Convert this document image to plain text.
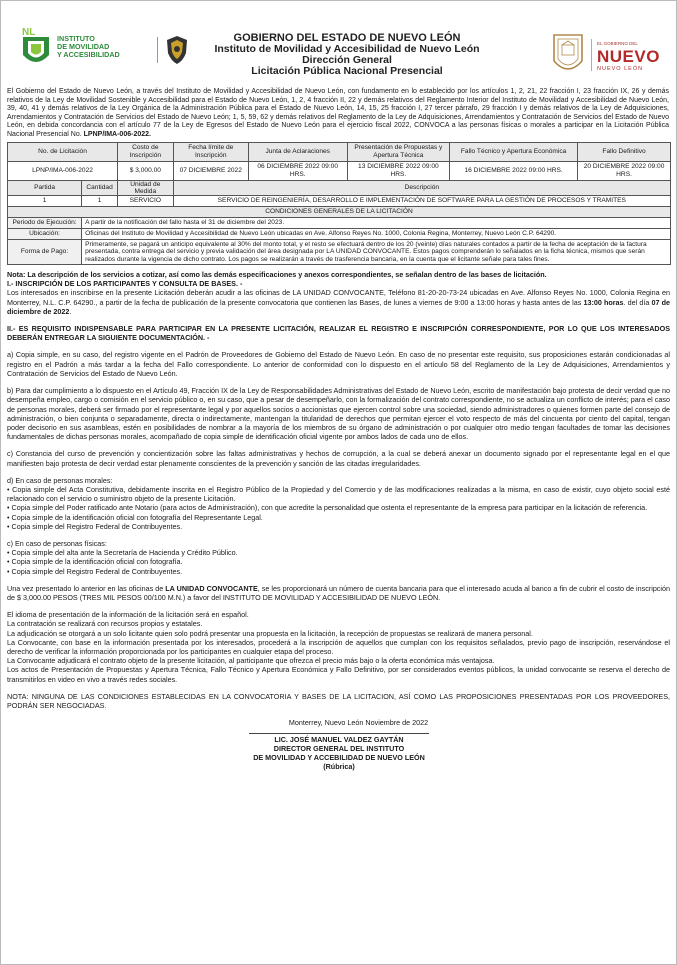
NL
INSTITUTO
DE MOVILIDAD
Y ACCESIBILIDAD
GOBIERNO DEL ESTADO DE NUEVO LEÓN
Instituto de Movilidad y Accesibilidad de Nuevo León
Dirección General
Licitación Pública Nacional Presencial
EL GOBIERNO DEL
NUEVO
NUEVO LEÓN
El Gobierno del Estado de Nuevo León, a través del Instituto de Movilidad y Accesibilidad de Nuevo León, con fundamento en lo establecido por los artículos 1, 2, 21, 22 fracción I, 23 fracción IX, 26 y demás relativos de la Ley de Movilidad Sostenible y Accesibilidad para el Estado de Nuevo León, 1, 2, 4 fracción II, 22 y demás relativos del Reglamento Interior del Instituto de Movilidad y Accesibilidad de Nuevo León, 39, 40, 41 y demás relativos de la Ley Orgánica de la Administración Pública para el Estado de Nuevo León, 14, 15, 25 fracción I, 27 tercer párrafo, 29 fracción I y demás relativos de la Ley de Adquisiciones, Arrendamientos y Contratación de Servicios del Estado de Nuevo León; 1, 5, 59, 62 y demás relativos del Reglamento de la Ley de Adquisiciones, Arrendamientos y Contratación de Servicios del Estado de Nuevo León, en debida concordancia con el artículo 77 de la Ley de Egresos del Estado de Nuevo León para el ejercicio fiscal 2022, CONVOCA a las personas físicas o morales a participar en la Licitación Pública Nacional Presencial No. LPNP/IMA-006-2022.
No. de Licitación		Costo de Inscripción	Fecha límite de Inscripción	Junta de Aclaraciones	Presentación de Propuestas y Apertura Técnica	Fallo Técnico y Apertura Económica	Fallo Definitivo
LPNP/IMA-006-2022		$ 3,000.00	07 DICIEMBRE 2022	06 DICIEMBRE 2022 09:00 HRS.	13 DICIEMBRE 2022 09:00 HRS.	16 DICIEMBRE 2022 09:00 HRS.	20 DICIEMBRE 2022 09:00 HRS.
Partida	Cantidad	Unidad de Medida	Descripción				
1	1	SERVICIO	SERVICIO DE REINGENIERÍA, DESARROLLO E IMPLEMENTACIÓN DE SOFTWARE PARA LA GESTIÓN DE PROCESOS Y TRAMITES				
CONDICIONES GENERALES DE LA LICITACIÓN							
Periodo de Ejecución:	A partir de la notificación del fallo hasta el 31 de diciembre del 2023.						
Ubicación:	Oficinas del Instituto de Movilidad y Accesibilidad de Nuevo León ubicadas en Ave. Alfonso Reyes No. 1000, Colonia Regina, Monterrey, Nuevo León C.P. 64290.						
Forma de Pago:	Primeramente, se pagará un anticipo equivalente al 30% del monto total, y el resto se efectuará dentro de los 20 (veinte) días naturales contados a partir de la fecha de aceptación de la factura presentada, contra entrega del servicio y previa validación del área designada por LA UNIDAD CONVOCANTE. Estos pagos comprenderán lo señalados en la ficha técnica, mismos que serán realizados durante la vigencia de dicho contrato. Los pagos se realizarán a través de trasferencia bancaria, en la cuenta que el licitante señale para tales fines.						
Nota: La descripción de los servicios a cotizar, así como las demás especificaciones y anexos correspondientes, se señalan dentro de las bases de licitación.
I.- INSCRIPCIÓN DE LOS PARTICIPANTES Y CONSULTA DE BASES. -
Los interesados en inscribirse en la presente Licitación deberán acudir a las oficinas de LA UNIDAD CONVOCANTE, Teléfono 81-20-20-73-24 ubicadas en Ave. Alfonso Reyes No. 1000, Colonia Regina en Monterrey, N.L. C.P. 64290., a partir de la fecha de publicación de la presente convocatoria que contienen las Bases, de lunes a viernes de 9:00 a 13:00 horas y hasta antes de las 13:00 horas. del día 07 de diciembre de 2022.
II.- ES REQUISITO INDISPENSABLE PARA PARTICIPAR EN LA PRESENTE LICITACIÓN, REALIZAR EL REGISTRO E INSCRIPCIÓN CORRESPONDIENTE, POR LO QUE LOS INTERESADOS DEBERÁN ENTREGAR LA SIGUIENTE DOCUMENTACIÓN. -
a) Copia simple, en su caso, del registro vigente en el Padrón de Proveedores de Gobierno del Estado de Nuevo León. En caso de no presentar este requisito, sus proposiciones estarán condicionadas al registro en el Padrón a más tardar a la fecha del Fallo correspondiente. Lo anterior de conformidad con lo dispuesto en el artículo 58 del Reglamento de la Ley de Adquisiciones, Arrendamientos y Contratación de Servicios del Estado de Nuevo León.
b) Para dar cumplimiento a lo dispuesto en el Artículo 49, Fracción IX de la Ley de Responsabilidades Administrativas del Estado de Nuevo León, escrito de manifestación bajo protesta de decir verdad que no desempeña empleo, cargo o comisión en el servicio público o, en su caso, que a pesar de desempeñarlo, con la formalización del contrato correspondiente, no se actualiza un conflicto de interés; para el caso de personas morales, deberá ser firmado por el representante legal y por aquellos socios o accionistas que ejercen control sobre una sociedad, siendo administradores o quienes formen parte del consejo de administración, o bien conjunta o separadamente, directa o indirectamente, mantengan la titularidad de derechos que permitan ejercer el voto respecto de más del cincuenta por ciento del capital, tengan poder decisorio en sus asambleas, estén en posibilidades de nombrar a la mayoría de los miembros de su órgano de administración o por cualquier otro medio tengan facultades de tomar las decisiones fundamentales de dichas personas morales, acompañado de copia simple de identificación oficial vigente por ambos lados de cada uno de ellos.
c) Constancia del curso de prevención y concientización sobre las faltas administrativas y hechos de corrupción, a la cual se deberá anexar un documento signado por el representante legal en el que manifiesten bajo protesta de decir verdad estar plenamente conscientes de la prevención y sanción de las citadas irregularidades.
d) En caso de personas morales:
• Copia simple del Acta Constitutiva, debidamente inscrita en el Registro Público de la Propiedad y del Comercio y de las modificaciones realizadas a la misma, en caso de existir, cuyo objeto social esté relacionado con el servicio o suministro objeto de la presente Licitación.
• Copia simple del Poder ratificado ante Notario (para actos de Administración), con que acredite la personalidad que ostenta el representante de la empresa para participar en la licitación de referencia.
• Copia simple de la identificación oficial con fotografía del Representante Legal.
• Copia simple del Registro Federal de Contribuyentes.
c) En caso de personas físicas:
• Copia simple del alta ante la Secretaría de Hacienda y Crédito Público.
• Copia simple de la identificación oficial con fotografía.
• Copia simple del Registro Federal de Contribuyentes.
Una vez presentado lo anterior en las oficinas de LA UNIDAD CONVOCANTE, se les proporcionará un número de cuenta bancaria para que el interesado acuda al banco a fin de cubrir el costo de inscripción de $ 3,000.00 PESOS (TRES MIL PESOS 00/100 M.N.) a favor del INSTITUTO DE MOVILIDAD Y ACCESIBILIDAD DE NUEVO LEÓN.
El idioma de presentación de la información de la licitación será en español.
La contratación se realizará con recursos propios y estatales.
La adjudicación se otorgará a un solo licitante quien solo podrá presentar una propuesta en la licitación, la recepción de propuestas se realizará de manera personal.
La Convocante, con base en la información presentada por los interesados, procederá a la inscripción de aquellos que cumplan con los requisitos señalados, previo pago de inscripción, reservándose el derecho de verificar la información proporcionada por los participantes en cualquier etapa del proceso.
La Convocante adjudicará el contrato objeto de la presente licitación, al participante que ofrezca el precio más bajo o la oferta económica más ventajosa.
Los actos de Presentación de Propuestas y Apertura Técnica, Fallo Técnico y Apertura Económica y Fallo Definitivo, por ser considerados eventos públicos, la unidad convocante se reserva el derecho de transmitirlos en video en vivo a través redes sociales.
NOTA: NINGUNA DE LAS CONDICIONES ESTABLECIDAS EN LA CONVOCATORIA Y BASES DE LA LICITACION, ASÍ COMO LAS PROPOSICIONES PRESENTADAS POR LOS PROVEEDORES, PODRÁN SER NEGOCIADAS.
Monterrey, Nuevo León Noviembre de 2022
LIC. JOSÉ MANUEL VALDEZ GAYTÁN
DIRECTOR GENERAL DEL INSTITUTO
DE MOVILIDAD Y ACCEBILIDAD DE NUEVO LEÓN
(Rúbrica)
